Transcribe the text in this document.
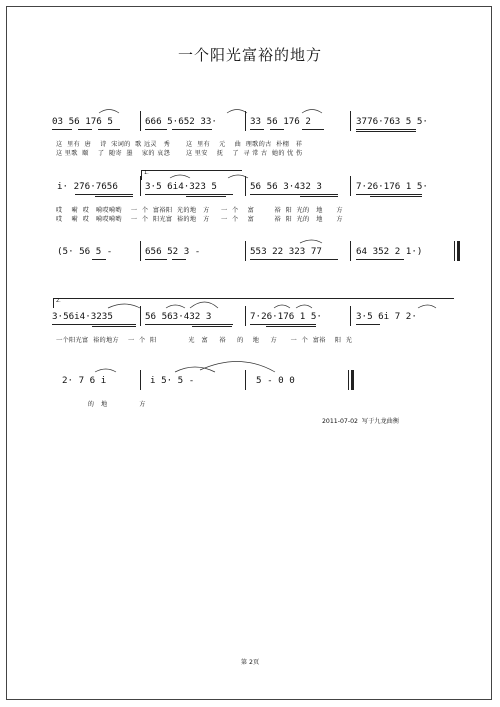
一个阳光富裕的地方
03 56 17̇6 5	666 5·652 33·	33 56 17̇6 2	3776·763 5 5·
这  里有  唐    诗  宋词的  歌 远灵   秀       这  里有    元    曲  理歌的古  朴栩   祥
这 里歌  颐    了  随寄  墨    家的 哀怨       这 里安    抚    了  寻 常 古  她的 忧 伤
1.
i· 2̇76·7656	3·5 6i4·323 5	56 56 3·432 3	7·26·176 1 5·
哎    嗬  哎   嗬哎嗬哟    一  个  富裕阳  光的地   方     一  个    富         裕  阳  光的   地      方
哎    嗬  哎   嗬哎嗬哟    一  个  阳光富  裕的地   方     一  个    富         裕  阳  光的   地      方
(5· 56 5 -	656 52 3 -	553 22 323 77	64 352 2 1·)
2.
3·56i4·3235	56 563·432 3	7·26·176 1 5·	3·5 6i 7 2·
一个阳光富  裕的地方    一  个  阳              光   富     裕     的    地     方      一  个  富裕    阳  光
2· 7 6 i	i 5· 5 -	5 - 0 0
的   地              方
2011-07-02  写于九龙曲衡
第 2页
